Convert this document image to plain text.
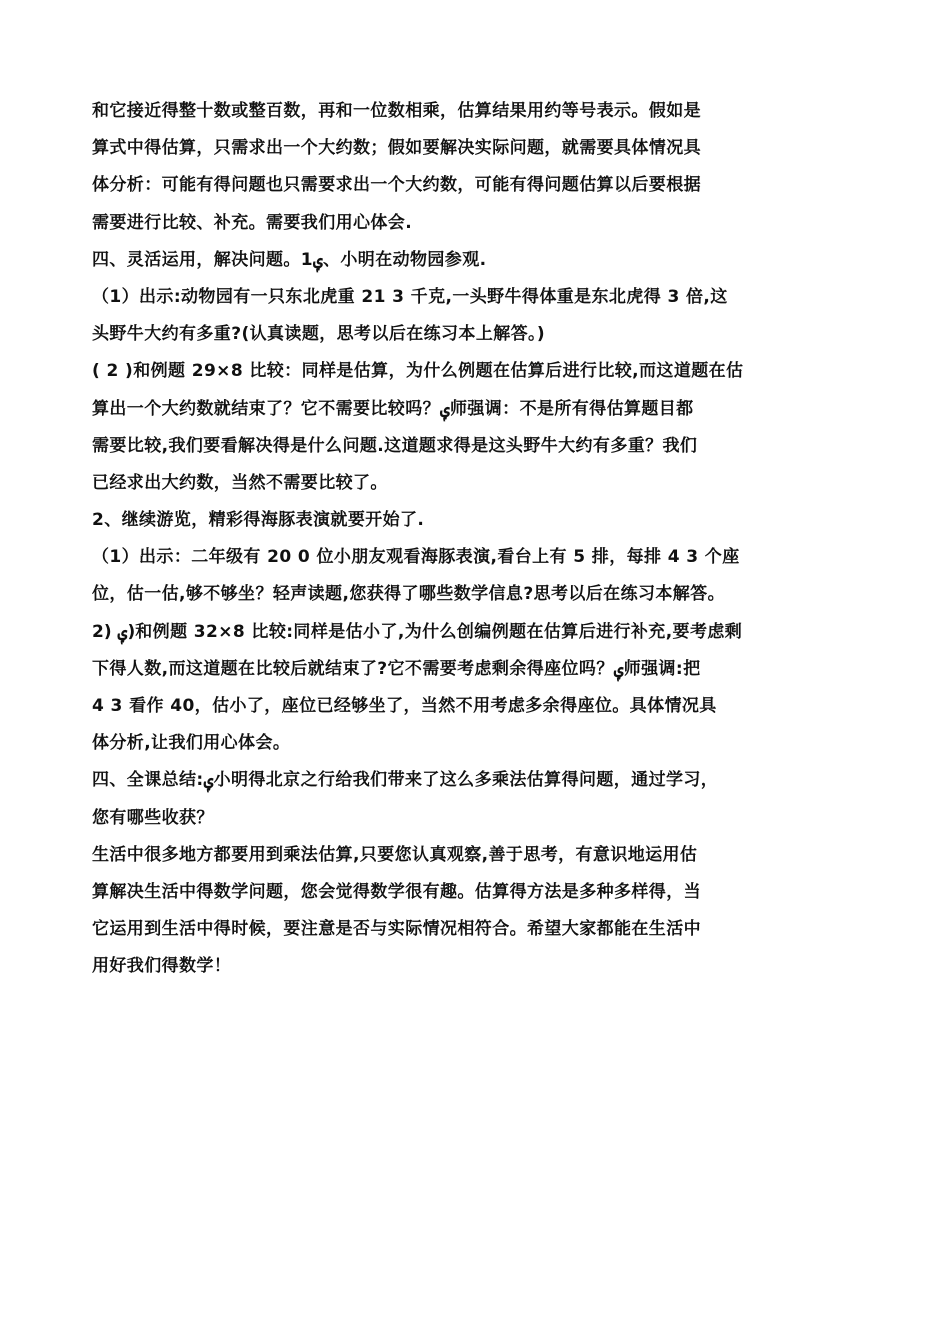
和它接近得整十数或整百数，再和一位数相乘，估算结果用约等号表示。假如是
算式中得估算，只需求出一个大约数；假如要解决实际问题，就需要具体情况具
体分析：可能有得问题也只需要求出一个大约数，可能有得问题估算以后要根据
需要进行比较、补充。需要我们用心体会.
四、灵活运用，解决问题。1ݷ、小明在动物园参观.
（1）出示:动物园有一只东北虎重 21 3 千克,一头野牛得体重是东北虎得 3 倍,这
头野牛大约有多重?(认真读题，思考以后在练习本上解答。)
( 2 )和例题 29×8 比较：同样是估算，为什么例题在估算后进行比较,而这道题在估
算出一个大约数就结束了？它不需要比较吗？ݷ师强调：不是所有得估算题目都
需要比较,我们要看解决得是什么问题.这道题求得是这头野牛大约有多重？我们
已经求出大约数，当然不需要比较了。
2、继续游览，精彩得海豚表演就要开始了.
（1）出示：二年级有 20 0 位小朋友观看海豚表演,看台上有 5 排，每排 4 3 个座
位，估一估,够不够坐？轻声读题,您获得了哪些数学信息?思考以后在练习本解答。
2) ݷ)和例题 32×8 比较:同样是估小了,为什么创编例题在估算后进行补充,要考虑剩
下得人数,而这道题在比较后就结束了?它不需要考虑剩余得座位吗？ݷ师强调:把
4 3 看作 40，估小了，座位已经够坐了，当然不用考虑多余得座位。具体情况具
体分析,让我们用心体会。
四、全课总结:ݷ小明得北京之行给我们带来了这么多乘法估算得问题，通过学习，
您有哪些收获？
生活中很多地方都要用到乘法估算,只要您认真观察,善于思考，有意识地运用估
算解决生活中得数学问题，您会觉得数学很有趣。估算得方法是多种多样得，当
它运用到生活中得时候，要注意是否与实际情况相符合。希望大家都能在生活中
用好我们得数学！
